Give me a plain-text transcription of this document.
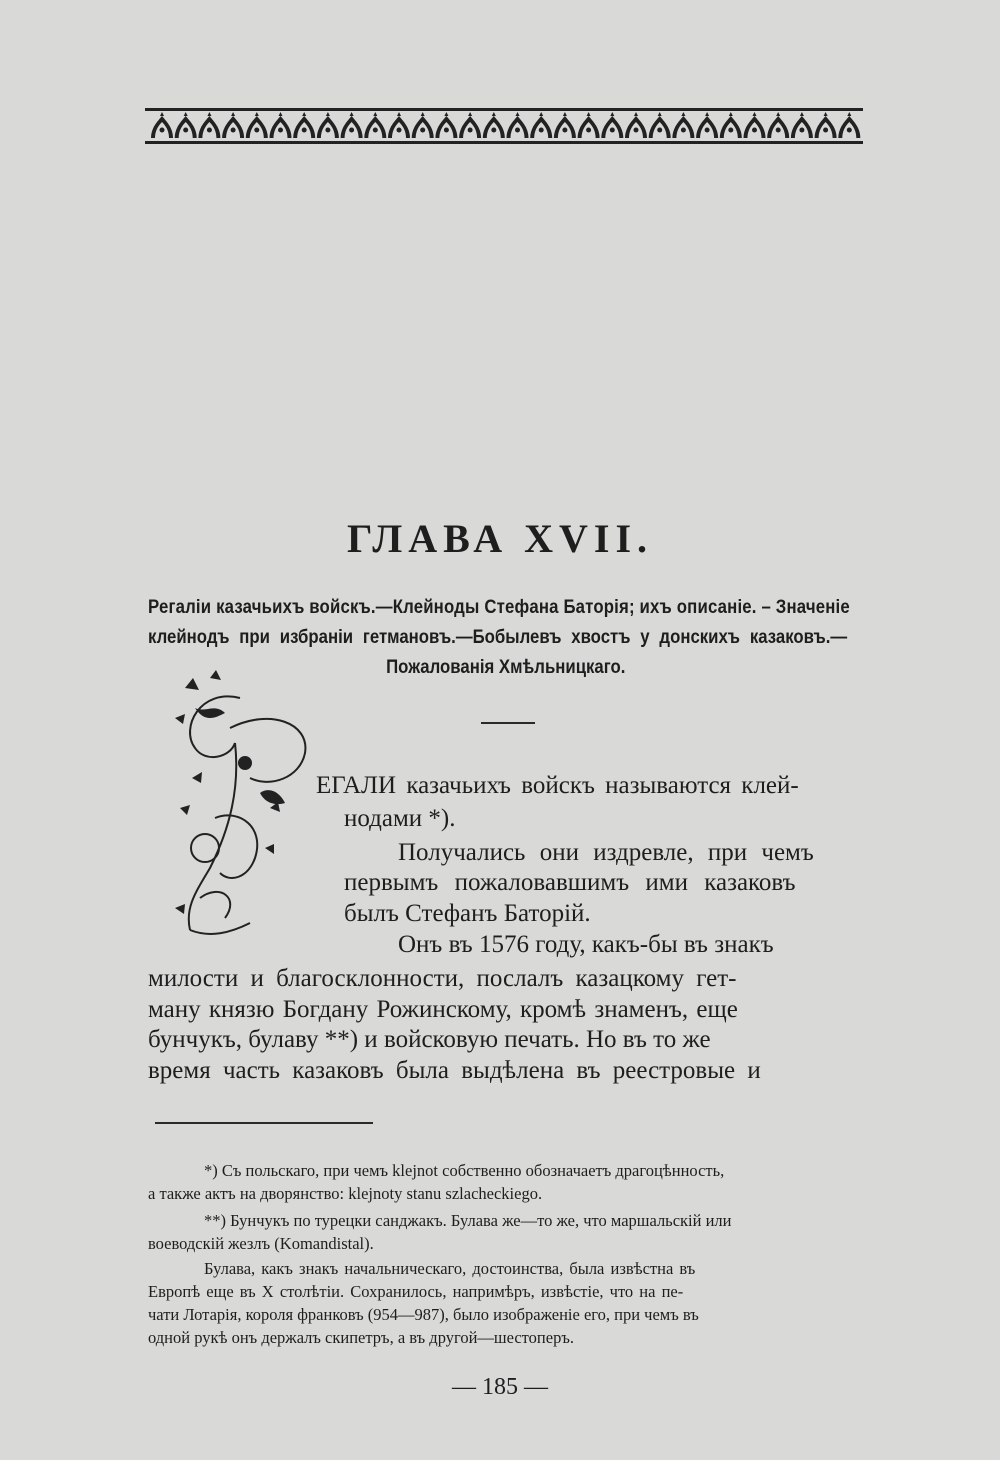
ГЛАВА XVII.
Регалiи казачьихъ войскъ.—Клейноды Стефана Баторiя; ихъ описанiе. – Значенiе
клейнодъ при избранiи гетмановъ.—Бобылевъ хвостъ у донскихъ казаковъ.—
Пожалованiя Хмѣльницкаго.
ЕГАЛИ казачьихъ войскъ называются клей-
нодами *).
Получались они издревле, при чемъ
первымъ пожаловавшимъ ими казаковъ
былъ Стефанъ Баторiй.
Онъ въ 1576 году, какъ-бы въ знакъ
милости и благосклонности, послалъ казацкому гет-
ману князю Богдану Рожинскому, кромѣ знаменъ, еще
бунчукъ, булаву **) и войсковую печать. Но въ то же
время часть казаковъ была выдѣлена въ реестровые и
*) Съ польскаго, при чемъ klejnot собственно обозначаетъ драгоцѣнность,
а также актъ на дворянство: klejnoty stanu szlacheckiego.
**) Бунчукъ по турецки санджакъ. Булава же—то же, что маршальскiй или
воеводскiй жезлъ (Komandistal).
Булава, какъ знакъ начальническаго, достоинства, была извѣстна въ
Европѣ еще въ X столѣтiи. Сохранилось, напримѣръ, извѣстiе, что на пе-
чати Лотарiя, короля франковъ (954—987), было изображенiе его, при чемъ въ
одной рукѣ онъ держалъ скипетръ, а въ другой—шестоперъ.
— 185 —
